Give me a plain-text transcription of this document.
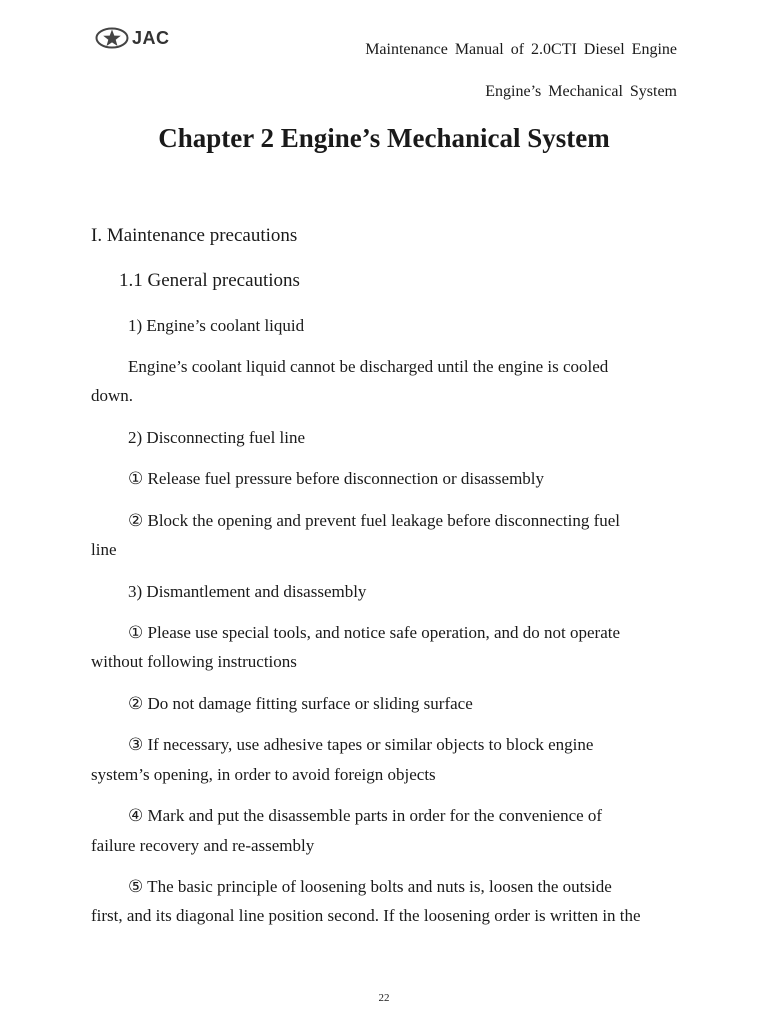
JAC
Maintenance Manual of 2.0CTI Diesel Engine
Engine’s Mechanical System
Chapter 2 Engine’s Mechanical System
I. Maintenance precautions
1.1 General precautions
1) Engine’s coolant liquid
Engine’s coolant liquid cannot be discharged until the engine is cooled
down.
2) Disconnecting fuel line
① Release fuel pressure before disconnection or disassembly
② Block the opening and prevent fuel leakage before disconnecting fuel
line
3) Dismantlement and disassembly
① Please use special tools, and notice safe operation, and do not operate
without following instructions
② Do not damage fitting surface or sliding surface
③ If necessary, use adhesive tapes or similar objects to block engine
system’s opening, in order to avoid foreign objects
④ Mark and put the disassemble parts in order for the convenience of
failure recovery and re-assembly
⑤ The basic principle of loosening bolts and nuts is, loosen the outside
first, and its diagonal line position second. If the loosening order is written in the
22
